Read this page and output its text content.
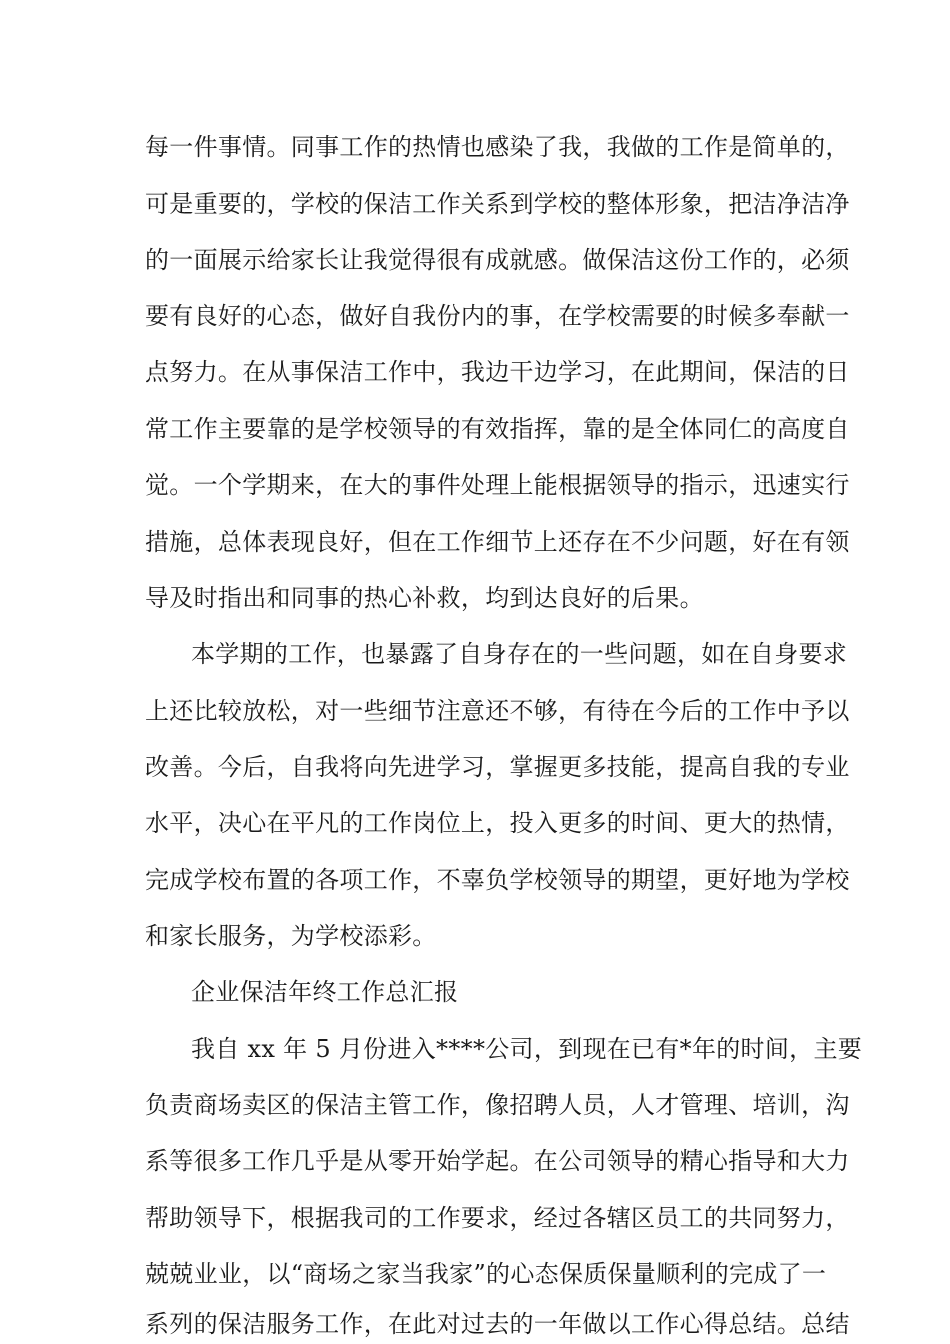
每一件事情。同事工作的热情也感染了我，我做的工作是简单的，
可是重要的，学校的保洁工作关系到学校的整体形象，把洁净洁净
的一面展示给家长让我觉得很有成就感。做保洁这份工作的，必须
要有良好的心态，做好自我份内的事，在学校需要的时候多奉献一
点努力。在从事保洁工作中，我边干边学习，在此期间，保洁的日
常工作主要靠的是学校领导的有效指挥，靠的是全体同仁的高度自
觉。一个学期来，在大的事件处理上能根据领导的指示，迅速实行
措施，总体表现良好，但在工作细节上还存在不少问题，好在有领
导及时指出和同事的热心补救，均到达良好的后果。
本学期的工作，也暴露了自身存在的一些问题，如在自身要求
上还比较放松，对一些细节注意还不够，有待在今后的工作中予以
改善。今后，自我将向先进学习，掌握更多技能，提高自我的专业
水平，决心在平凡的工作岗位上，投入更多的时间、更大的热情，
完成学校布置的各项工作，不辜负学校领导的期望，更好地为学校
和家长服务，为学校添彩。
企业保洁年终工作总汇报
我自 xx 年 5 月份进入****公司，到现在已有*年的时间，主要
负责商场卖区的保洁主管工作，像招聘人员，人才管理、培训，沟
系等很多工作几乎是从零开始学起。在公司领导的精心指导和大力
帮助领导下，根据我司的工作要求，经过各辖区员工的共同努力，
兢兢业业，以“商场之家当我家”的心态保质保量顺利的完成了一
系列的保洁服务工作，在此对过去的一年做以工作心得总结。总结
